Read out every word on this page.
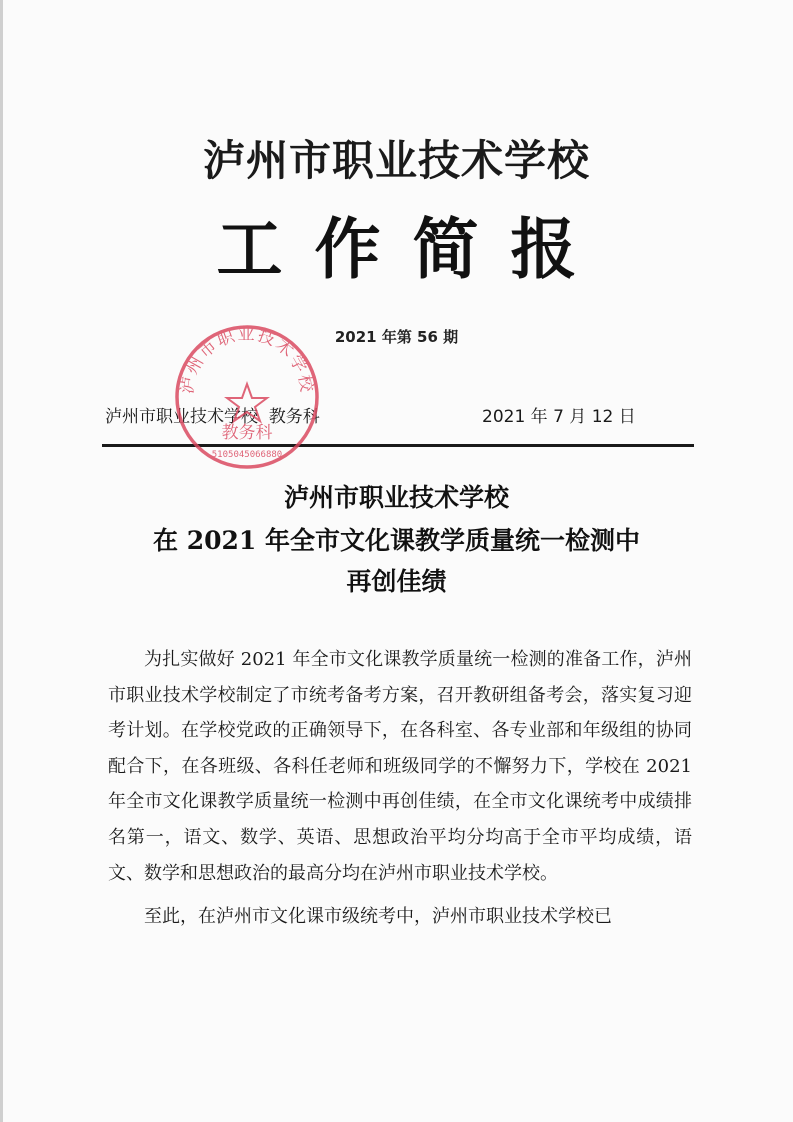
泸州市职业技术学校
工作简报
2021 年第 56 期
泸州市职业技术学校  教务科	2021 年 7 月 12 日
泸州市职业技术学校
教务科
5105045066880
泸州市职业技术学校
在 2021 年全市文化课教学质量统一检测中
再创佳绩

为扎实做好 2021 年全市文化课教学质量统一检测的准备工作，泸州市职业技术学校制定了市统考备考方案，召开教研组备考会，落实复习迎考计划。在学校党政的正确领导下，在各科室、各专业部和年级组的协同配合下，在各班级、各科任老师和班级同学的不懈努力下，学校在 2021 年全市文化课教学质量统一检测中再创佳绩，在全市文化课统考中成绩排名第一，语文、数学、英语、思想政治平均分均高于全市平均成绩，语文、数学和思想政治的最高分均在泸州市职业技术学校。

至此，在泸州市文化课市级统考中，泸州市职业技术学校已
